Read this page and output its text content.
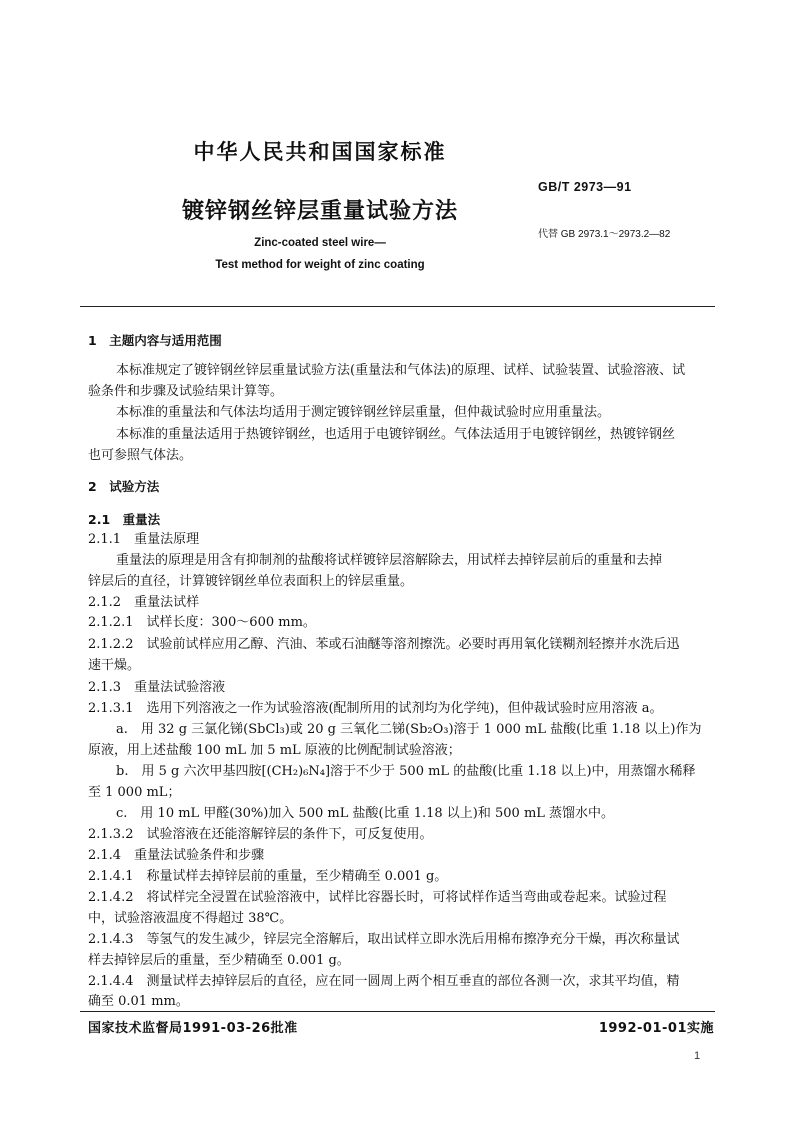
中华人民共和国国家标准
GB/T 2973—91
镀锌钢丝锌层重量试验方法
代替 GB 2973.1～2973.2—82
Zinc-coated steel wire—
Test method for weight of zinc coating
1　主题内容与适用范围
本标准规定了镀锌钢丝锌层重量试验方法(重量法和气体法)的原理、试样、试验装置、试验溶液、试
验条件和步骤及试验结果计算等。
本标准的重量法和气体法均适用于测定镀锌钢丝锌层重量，但仲裁试验时应用重量法。
本标准的重量法适用于热镀锌钢丝，也适用于电镀锌钢丝。气体法适用于电镀锌钢丝，热镀锌钢丝
也可参照气体法。
2　试验方法
2.1　重量法
2.1.1　重量法原理
重量法的原理是用含有抑制剂的盐酸将试样镀锌层溶解除去，用试样去掉锌层前后的重量和去掉
锌层后的直径，计算镀锌钢丝单位表面积上的锌层重量。
2.1.2　重量法试样
2.1.2.1　试样长度：300～600 mm。
2.1.2.2　试验前试样应用乙醇、汽油、苯或石油醚等溶剂擦洗。必要时再用氧化镁糊剂轻擦并水洗后迅
速干燥。
2.1.3　重量法试验溶液
2.1.3.1　选用下列溶液之一作为试验溶液(配制所用的试剂均为化学纯)，但仲裁试验时应用溶液 a。
a.　用 32 g 三氯化锑(SbCl₃)或 20 g 三氧化二锑(Sb₂O₃)溶于 1 000 mL 盐酸(比重 1.18 以上)作为
原液，用上述盐酸 100 mL 加 5 mL 原液的比例配制试验溶液；
b.　用 5 g 六次甲基四胺[(CH₂)₆N₄]溶于不少于 500 mL 的盐酸(比重 1.18 以上)中，用蒸馏水稀释
至 1 000 mL；
c.　用 10 mL 甲醛(30%)加入 500 mL 盐酸(比重 1.18 以上)和 500 mL 蒸馏水中。
2.1.3.2　试验溶液在还能溶解锌层的条件下，可反复使用。
2.1.4　重量法试验条件和步骤
2.1.4.1　称量试样去掉锌层前的重量，至少精确至 0.001 g。
2.1.4.2　将试样完全浸置在试验溶液中，试样比容器长时，可将试样作适当弯曲或卷起来。试验过程
中，试验溶液温度不得超过 38℃。
2.1.4.3　等氢气的发生减少，锌层完全溶解后，取出试样立即水洗后用棉布擦净充分干燥，再次称量试
样去掉锌层后的重量，至少精确至 0.001 g。
2.1.4.4　测量试样去掉锌层后的直径，应在同一圆周上两个相互垂直的部位各测一次，求其平均值，精
确至 0.01 mm。
国家技术监督局1991-03-26批准	1992-01-01实施
1
